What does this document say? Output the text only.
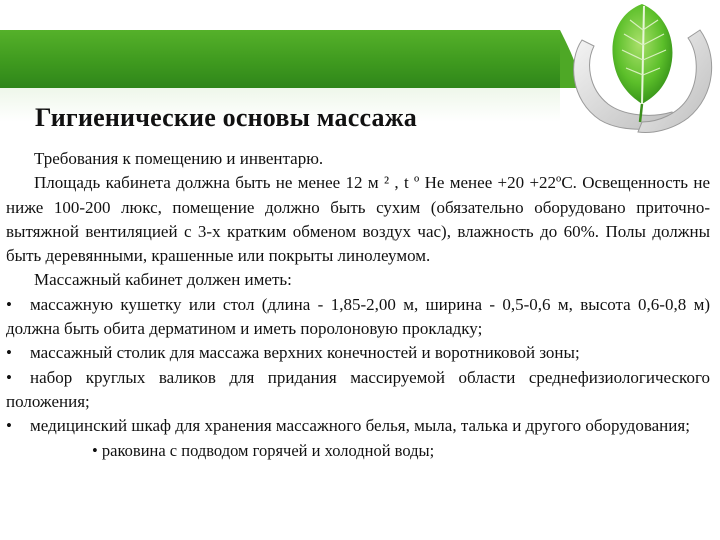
Гигиенические основы массажа

Требования к помещению и инвентарю.

Площадь кабинета должна быть не менее 12 м ² , t º Не менее +20 +22ºС. Освещенность не ниже 100-200 люкс, помещение должно быть сухим (обязательно оборудовано приточно-вытяжной вентиляцией с 3-х кратким обменом воздух час), влажность до 60%. Полы должны быть деревянными, крашенные или покрыты линолеумом.

Массажный кабинет должен иметь:

• массажную кушетку или стол (длина - 1,85-2,00 м, ширина - 0,5-0,6 м, высота 0,6-0,8 м) должна быть обита дерматином и иметь поролоновую прокладку;

• массажный столик для массажа верхних конечностей и воротниковой зоны;

• набор круглых валиков для придания массируемой области среднефизиологического положения;

• медицинский шкаф для хранения массажного белья, мыла, талька и другого оборудования;

• раковина с подводом горячей и холодной воды;
